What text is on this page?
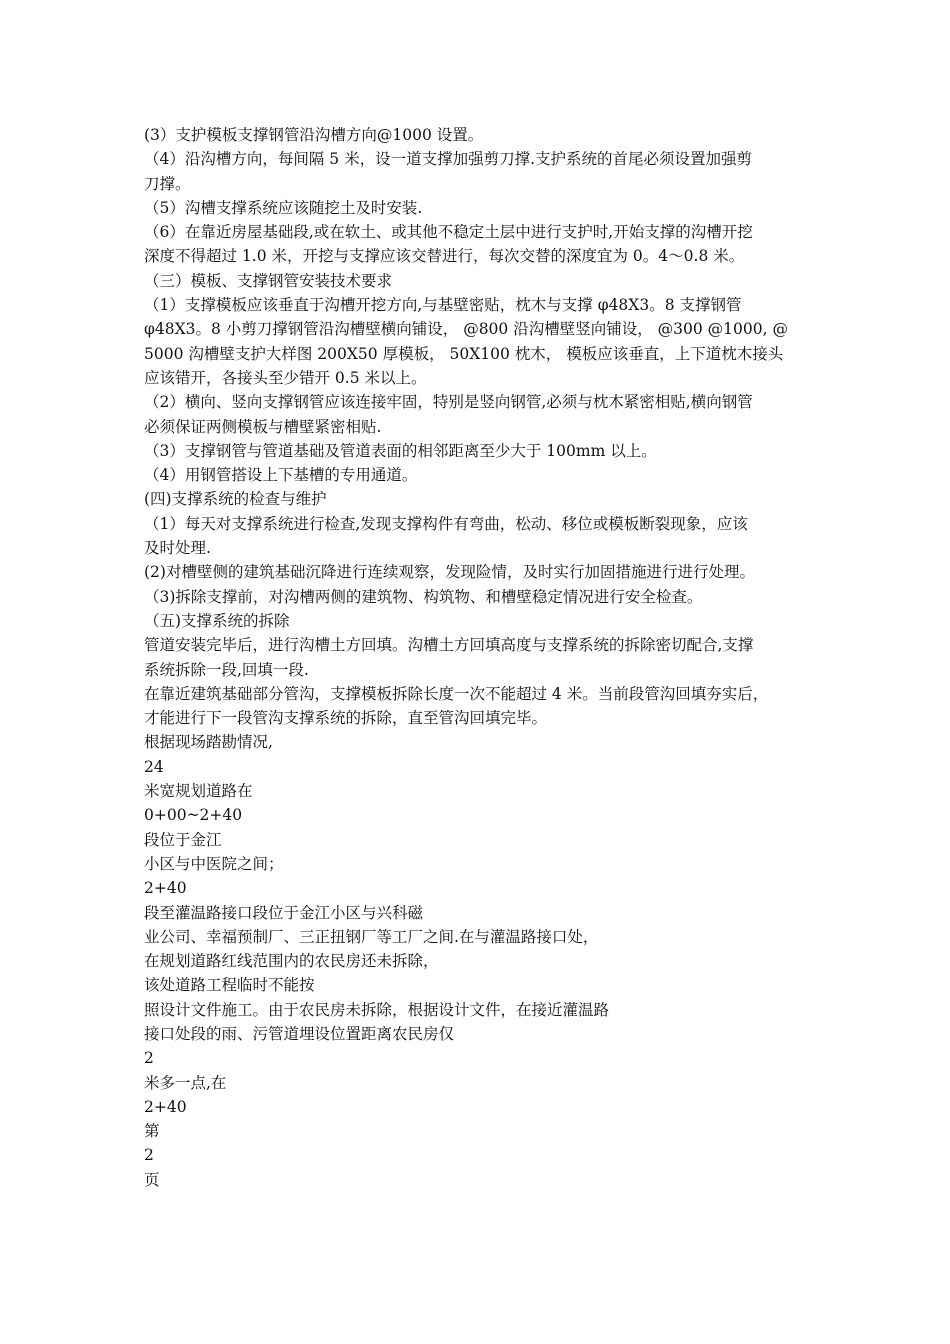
(3）支护模板支撑钢管沿沟槽方向@1000 设置。
（4）沿沟槽方向，每间隔 5 米，设一道支撑加强剪刀撑.支护系统的首尾必须设置加强剪
刀撑。
（5）沟槽支撑系统应该随挖土及时安装.
（6）在靠近房屋基础段,或在软土、或其他不稳定土层中进行支护时,开始支撑的沟槽开挖
深度不得超过 1.0 米，开挖与支撑应该交替进行，每次交替的深度宜为 0。4～0.8 米。
（三）模板、支撑钢管安装技术要求
（1）支撑模板应该垂直于沟槽开挖方向,与基壁密贴，枕木与支撑 φ48X3。8 支撑钢管
φ48X3。8 小剪刀撑钢管沿沟槽壁横向铺设， @800 沿沟槽壁竖向铺设， @300 @1000, @
5000 沟槽壁支护大样图 200X50 厚模板， 50X100 枕木， 模板应该垂直，上下道枕木接头
应该错开，各接头至少错开 0.5 米以上。
（2）横向、竖向支撑钢管应该连接牢固，特别是竖向钢管,必须与枕木紧密相贴,横向钢管
必须保证两侧模板与槽壁紧密相贴.
（3）支撑钢管与管道基础及管道表面的相邻距离至少大于 100mm 以上。
（4）用钢管搭设上下基槽的专用通道。
(四)支撑系统的检查与维护
（1）每天对支撑系统进行检查,发现支撑构件有弯曲，松动、移位或模板断裂现象，应该
及时处理.
(2)对槽壁侧的建筑基础沉降进行连续观察，发现险情，及时实行加固措施进行进行处理。
（3)拆除支撑前，对沟槽两侧的建筑物、构筑物、和槽壁稳定情况进行安全检查。
（五)支撑系统的拆除
管道安装完毕后，进行沟槽土方回填。沟槽土方回填高度与支撑系统的拆除密切配合,支撑
系统拆除一段,回填一段.
在靠近建筑基础部分管沟，支撑模板拆除长度一次不能超过 4 米。当前段管沟回填夯实后，
才能进行下一段管沟支撑系统的拆除，直至管沟回填完毕。
根据现场踏勘情况,
24
米宽规划道路在
0+00~2+40
段位于金江
小区与中医院之间；
2+40
段至灌温路接口段位于金江小区与兴科磁
业公司、幸福预制厂、三正扭钢厂等工厂之间.在与灌温路接口处，
在规划道路红线范围内的农民房还未拆除，
该处道路工程临时不能按
照设计文件施工。由于农民房未拆除，根据设计文件，在接近灌温路
接口处段的雨、污管道埋设位置距离农民房仅
2
米多一点,在
2+40
第
2
页
